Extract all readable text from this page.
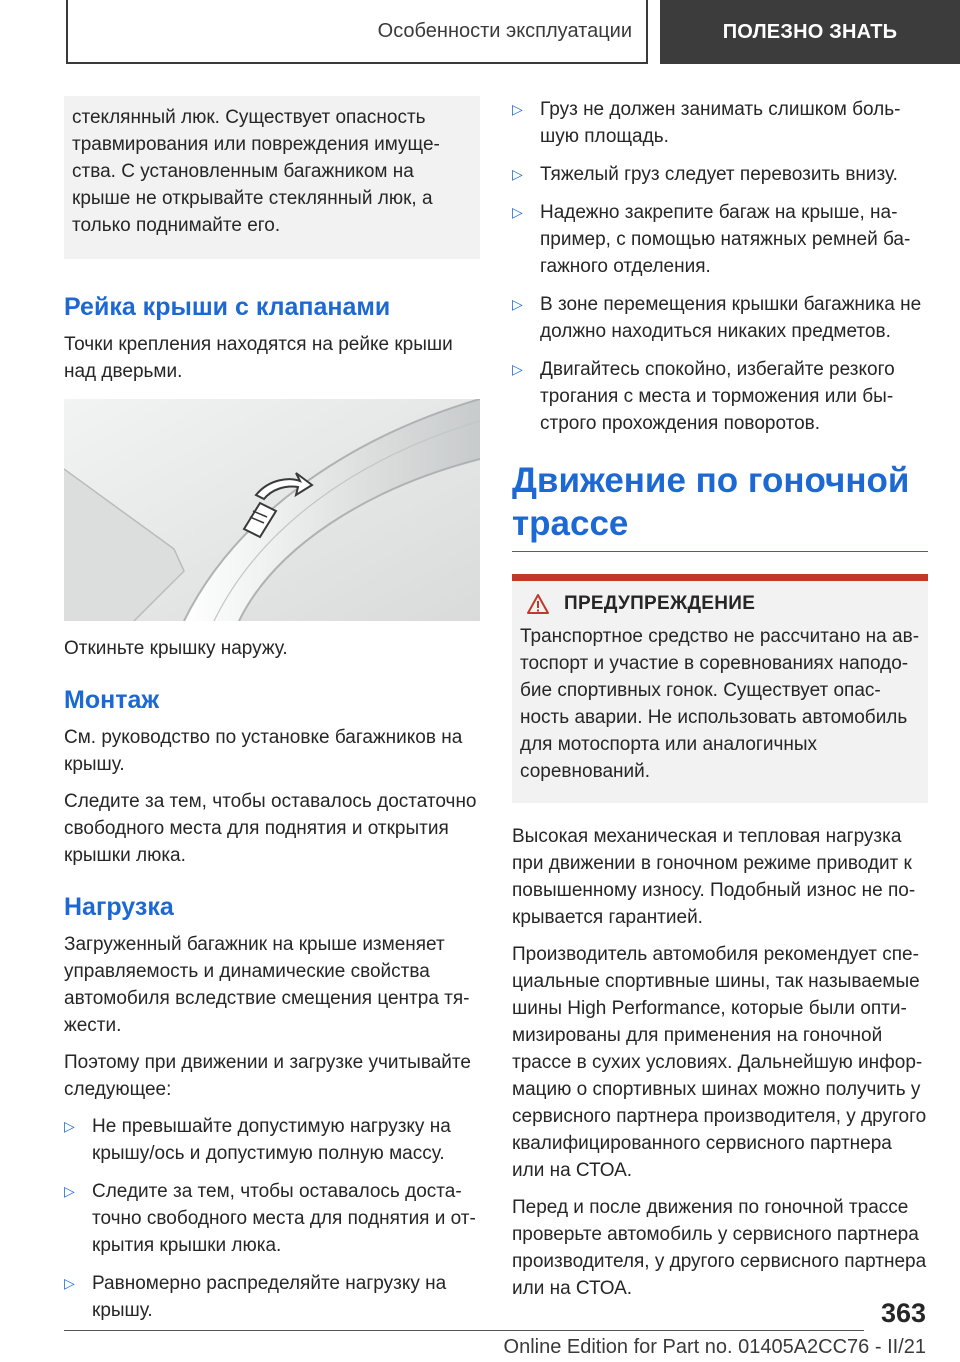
Особенности эксплуатации	ПОЛЕЗНО ЗНАТЬ

стеклянный люк. Существует опасность травмирования или повреждения имущества. С установленным багажником на крыше не открывайте стеклянный люк, а только поднимайте его.

Рейка крыши с клапанами

Точки крепления находятся на рейке крыши над дверьми.

Откиньте крышку наружу.

Монтаж

См. руководство по установке багажников на крышу.

Следите за тем, чтобы оставалось достаточно свободного места для поднятия и открытия крышки люка.

Нагрузка

Загруженный багажник на крыше изменяет управляемость и динамические свойства автомобиля вследствие смещения центра тяжести.

Поэтому при движении и загрузке учитывайте следующее:

▷ Не превышайте допустимую нагрузку на крышу/ось и допустимую полную массу.
▷ Следите за тем, чтобы оставалось достаточно свободного места для поднятия и открытия крышки люка.
▷ Равномерно распределяйте нагрузку на крышу.
▷ Груз не должен занимать слишком большую площадь.
▷ Тяжелый груз следует перевозить внизу.
▷ Надежно закрепите багаж на крыше, например, с помощью натяжных ремней багажного отделения.
▷ В зоне перемещения крышки багажника не должно находиться никаких предметов.
▷ Двигайтесь спокойно, избегайте резкого трогания с места и торможения или быстрого прохождения поворотов.
Движение по гоночной трассе
ПРЕДУПРЕЖДЕНИЕ

Транспортное средство не рассчитано на автоспорт и участие в соревнованиях наподобие спортивных гонок. Существует опасность аварии. Не использовать автомобиль для мотоспорта или аналогичных соревнований.

Высокая механическая и тепловая нагрузка при движении в гоночном режиме приводит к повышенному износу. Подобный износ не покрывается гарантией.

Производитель автомобиля рекомендует специальные спортивные шины, так называемые шины High Performance, которые были оптимизированы для применения на гоночной трассе в сухих условиях. Дальнейшую информацию о спортивных шинах можно получить у сервисного партнера производителя, у другого квалифицированного сервисного партнера или на СТОА.

Перед и после движения по гоночной трассе проверьте автомобиль у сервисного партнера производителя, у другого сервисного партнера или на СТОА.

363
Online Edition for Part no. 01405A2CC76 - II/21
